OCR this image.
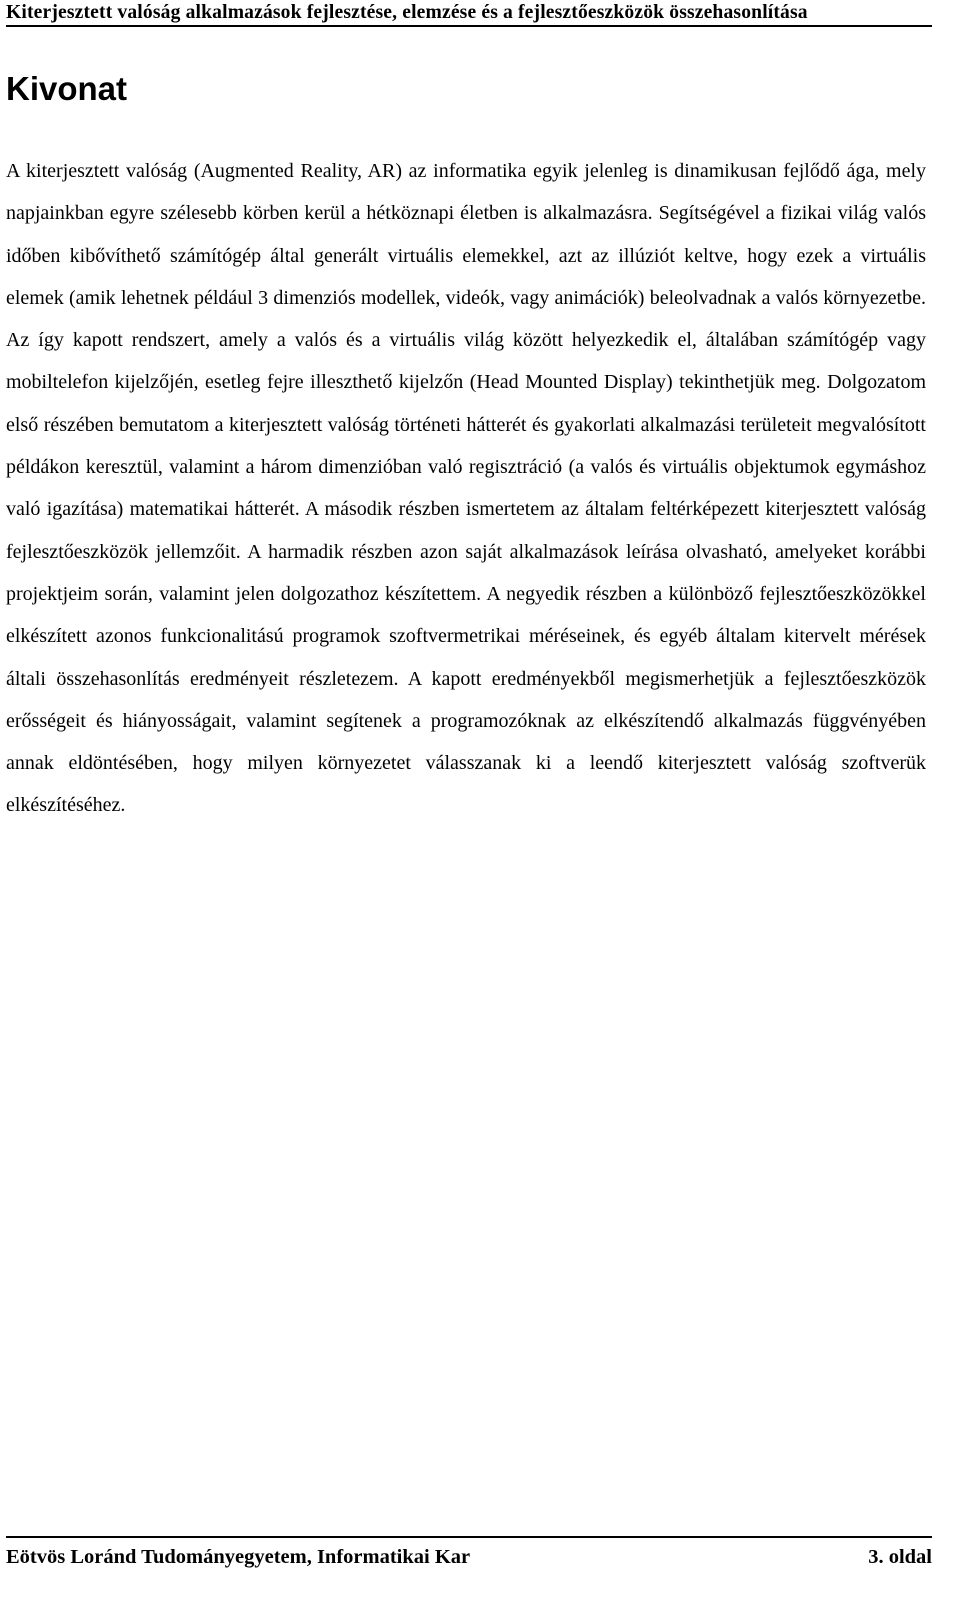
Kiterjesztett valóság alkalmazások fejlesztése, elemzése és a fejlesztőeszközök összehasonlítása
Kivonat

A kiterjesztett valóság (Augmented Reality, AR) az informatika egyik jelenleg is dinamikusan fejlődő ága, mely napjainkban egyre szélesebb körben kerül a hétköznapi életben is alkalmazásra. Segítségével a fizikai világ valós időben kibővíthető számítógép által generált virtuális elemekkel, azt az illúziót keltve, hogy ezek a virtuális elemek (amik lehetnek például 3 dimenziós modellek, videók, vagy animációk) beleolvadnak a valós környezetbe. Az így kapott rendszert, amely a valós és a virtuális világ között helyezkedik el, általában számítógép vagy mobiltelefon kijelzőjén, esetleg fejre illeszthető kijelzőn (Head Mounted Display) tekinthetjük meg. Dolgozatom első részében bemutatom a kiterjesztett valóság történeti hátterét és gyakorlati alkalmazási területeit megvalósított példákon keresztül, valamint a három dimenzióban való regisztráció (a valós és virtuális objektumok egymáshoz való igazítása) matematikai hátterét. A második részben ismertetem az általam feltérképezett kiterjesztett valóság fejlesztőeszközök jellemzőit. A harmadik részben azon saját alkalmazások leírása olvasható, amelyeket korábbi projektjeim során, valamint jelen dolgozathoz készítettem. A negyedik részben a különböző fejlesztőeszközökkel elkészített azonos funkcionalitású programok szoftvermetrikai méréseinek, és egyéb általam kitervelt mérések általi összehasonlítás eredményeit részletezem. A kapott eredményekből megismerhetjük a fejlesztőeszközök erősségeit és hiányosságait, valamint segítenek a programozóknak az elkészítendő alkalmazás függvényében annak eldöntésében, hogy milyen környezetet válasszanak ki a leendő kiterjesztett valóság szoftverük elkészítéséhez.

Eötvös Loránd Tudományegyetem, Informatikai Kar	3. oldal
